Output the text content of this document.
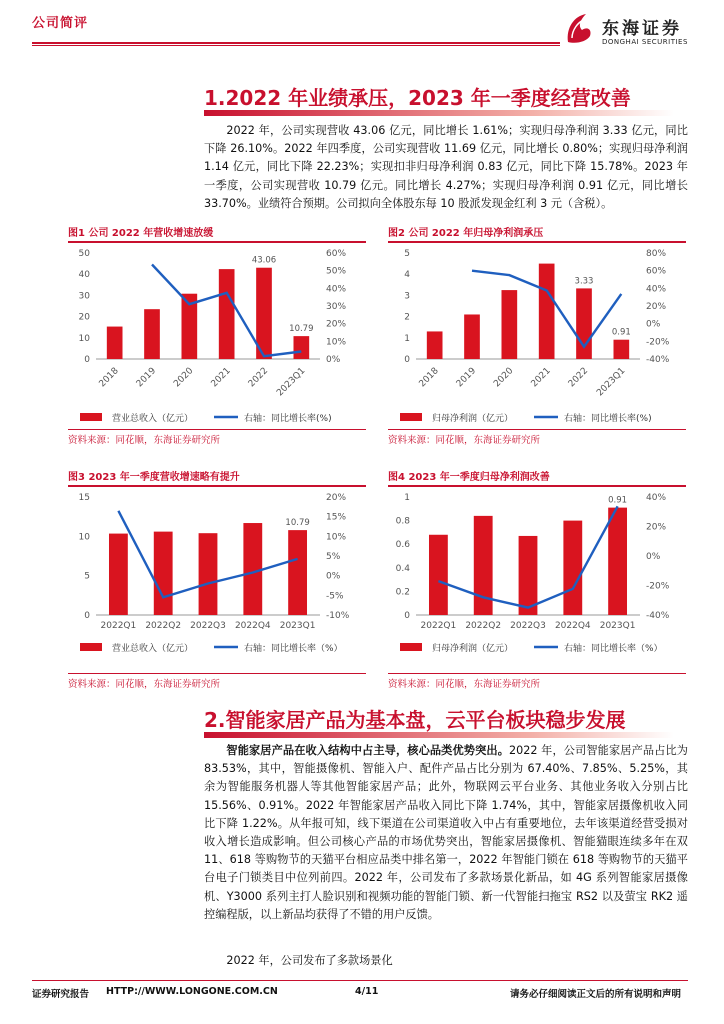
公司简评	东海证券
DONGHAI SECURITIES
1.2022 年业绩承压，2023 年一季度经营改善

2022 年，公司实现营收 43.06 亿元，同比增长 1.61%；实现归母净利润 3.33 亿元，同比下降 26.10%。2022 年四季度，公司实现营收 11.69 亿元，同比增长 0.80%；实现归母净利润 1.14 亿元，同比下降 22.23%；实现扣非归母净利润 0.83 亿元，同比下降 15.78%。2023 年一季度，公司实现营收 10.79 亿元。同比增长 4.27%；实现归母净利润 0.91 亿元，同比增长 33.70%。业绩符合预期。公司拟向全体股东每 10 股派发现金红利 3 元（含税）。

图1 公司 2022 年营收增速放缓
0
10
20
30
40
50
0%
10%
20%
30%
40%
50%
60%
2018 2019 2020 2021
43.06
2022
10.79
2023Q1
营业总收入（亿元）	右轴：同比增长率(%)
资料来源：同花顺，东海证券研究所
图2 公司 2022 年归母净利润承压
0
1
2
3
4
5
-40%
-20%
0%
20%
40%
60%
80%
2018 2019 2020 2021
3.33
2022
0.91
2023Q1
归母净利润（亿元）	右轴：同比增长率(%)
资料来源：同花顺，东海证券研究所
图3 2023 年一季度营收增速略有提升
0
5
10
15
-10%
-5%
0%
5%
10%
15%
20%
2022Q1 2022Q2 2022Q3 2022Q4
10.79
2023Q1
营业总收入（亿元）	右轴：同比增长率（%）
资料来源：同花顺，东海证券研究所
图4 2023 年一季度归母净利润改善
0
0.2
0.4
0.6
0.8
1
-40%
-20%
0%
20%
40%
2022Q1 2022Q2 2022Q3 2022Q4
0.91
2023Q1
归母净利润（亿元）	右轴：同比增长率（%）
资料来源：同花顺，东海证券研究所
2.智能家居产品为基本盘，云平台板块稳步发展

智能家居产品在收入结构中占主导，核心品类优势突出。2022 年，公司智能家居产品占比为 83.53%，其中，智能摄像机、智能入户、配件产品占比分别为 67.40%、7.85%、5.25%，其余为智能服务机器人等其他智能家居产品；此外，物联网云平台业务、其他业务收入分别占比 15.56%、0.91%。2022 年智能家居产品收入同比下降 1.74%，其中，智能家居摄像机收入同比下降 1.22%。从年报可知，线下渠道在公司渠道收入中占有重要地位，去年该渠道经营受损对收入增长造成影响。但公司核心产品的市场优势突出，智能家居摄像机、智能猫眼连续多年在双 11、618 等购物节的天猫平台相应品类中排名第一，2022 年智能门锁在 618 等购物节的天猫平台电子门锁类目中位列前四。2022 年，公司发布了多款场景化新品，如 4G 系列智能家居摄像机、Y3000 系列主打人脸识别和视频功能的智能门锁、新一代智能扫拖宝 RS2 以及萤宝 RK2 遥控编程版，以上新品均获得了不错的用户反馈。

2022 年，公司发布了多款场景化

证券研究报告 HTTP://WWW.LONGONE.COM.CN	4/11	请务必仔细阅读正文后的所有说明和声明
